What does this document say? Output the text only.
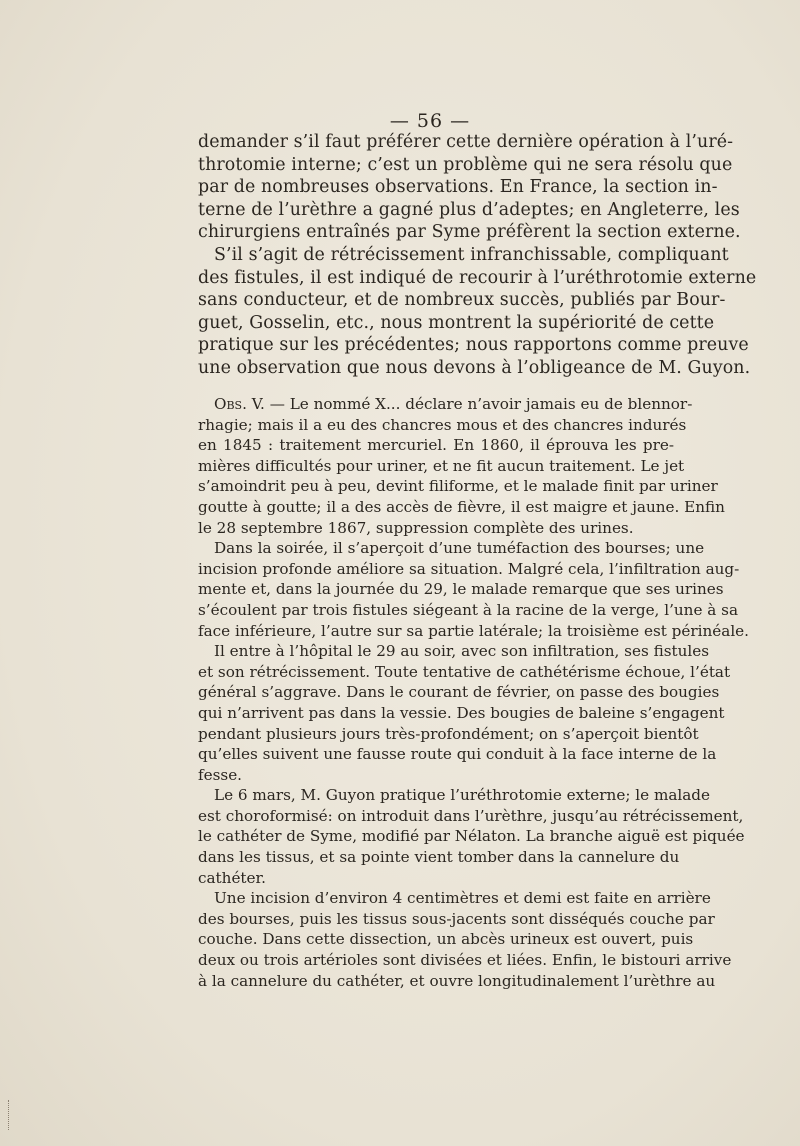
— 56 —
demander s’il faut préférer cette dernière opération à l’uré-
throtomie interne; c’est un problème qui ne sera résolu que
par de nombreuses observations. En France, la section in-
terne de l’urèthre a gagné plus d’adeptes; en Angleterre, les
chirurgiens entraînés par Syme préfèrent la section externe.
S’il s’agit de rétrécissement infranchissable, compliquant
des fistules, il est indiqué de recourir à l’uréthrotomie externe
sans conducteur, et de nombreux succès, publiés par Bour-
guet, Gosselin, etc., nous montrent la supériorité de cette
pratique sur les précédentes; nous rapportons comme preuve
une observation que nous devons à l’obligeance de M. Guyon.
Obs. V. — Le nommé X... déclare n’avoir jamais eu de blennor-
rhagie; mais il a eu des chancres mous et des chancres indurés
en 1845 : traitement mercuriel. En 1860, il éprouva les pre-
mières difficultés pour uriner, et ne fit aucun traitement. Le jet
s’amoindrit peu à peu, devint filiforme, et le malade finit par uriner
goutte à goutte; il a des accès de fièvre, il est maigre et jaune. Enfin
le 28 septembre 1867, suppression complète des urines.
Dans la soirée, il s’aperçoit d’une tuméfaction des bourses; une
incision profonde améliore sa situation. Malgré cela, l’infiltration aug-
mente et, dans la journée du 29, le malade remarque que ses urines
s’écoulent par trois fistules siégeant à la racine de la verge, l’une à sa
face inférieure, l’autre sur sa partie latérale; la troisième est périnéale.
Il entre à l’hôpital le 29 au soir, avec son infiltration, ses fistules
et son rétrécissement. Toute tentative de cathétérisme échoue, l’état
général s’aggrave. Dans le courant de février, on passe des bougies
qui n’arrivent pas dans la vessie. Des bougies de baleine s’engagent
pendant plusieurs jours très-profondément; on s’aperçoit bientôt
qu’elles suivent une fausse route qui conduit à la face interne de la
fesse.
Le 6 mars, M. Guyon pratique l’uréthrotomie externe; le malade
est choroformisé: on introduit dans l’urèthre, jusqu’au rétrécissement,
le cathéter de Syme, modifié par Nélaton. La branche aiguë est piquée
dans les tissus, et sa pointe vient tomber dans la cannelure du
cathéter.
Une incision d’environ 4 centimètres et demi est faite en arrière
des bourses, puis les tissus sous-jacents sont disséqués couche par
couche. Dans cette dissection, un abcès urineux est ouvert, puis
deux ou trois artérioles sont divisées et liées. Enfin, le bistouri arrive
à la cannelure du cathéter, et ouvre longitudinalement l’urèthre au
